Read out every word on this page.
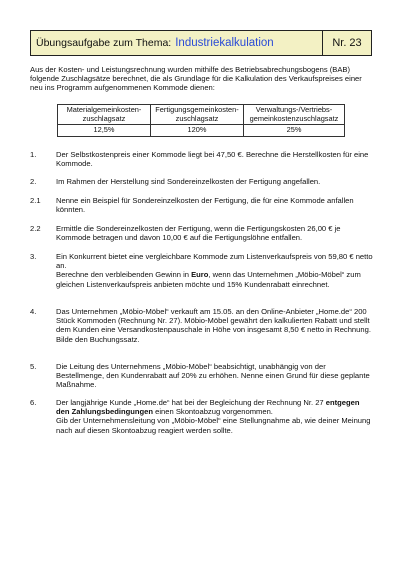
Übungsaufgabe zum Thema: Industriekalkulation	Nr. 23
Aus der Kosten- und Leistungsrechnung wurden mithilfe des Betriebsabrechungsbogens (BAB) folgende Zuschlagsätze berechnet, die als Grundlage für die Kalkulation des Verkaufspreises einer neu ins Programm aufgenommenen Kommode dienen:
Materialgemeinkosten-zuschlagsatz	Fertigungsgemeinkosten-zuschlagsatz	Verwaltungs-/Vertriebs-gemeinkostenzuschlagsatz
12,5%	120%	25%
1.	Der Selbstkostenpreis einer Kommode liegt bei 47,50 €. Berechne die Herstellkosten für eine Kommode.
2.	Im Rahmen der Herstellung sind Sondereinzelkosten der Fertigung angefallen.
2.1	Nenne ein Beispiel für Sondereinzelkosten der Fertigung, die für eine Kommode anfallen könnten.
2.2	Ermittle die Sondereinzelkosten der Fertigung, wenn die Fertigungskosten 26,00 € je Kommode betragen und davon 10,00 € auf die Fertigungslöhne entfallen.
3.	Ein Konkurrent bietet eine vergleichbare Kommode zum Listenverkaufspreis von 59,80 € netto an.
Berechne den verbleibenden Gewinn in Euro, wenn das Unternehmen „Möbio-Möbel“ zum gleichen Listenverkaufspreis anbieten möchte und 15% Kundenrabatt einrechnet.
4.	Das Unternehmen „Möbio-Möbel“ verkauft am 15.05. an den Online-Anbieter „Home.de“ 200 Stück Kommoden (Rechnung Nr. 27). Möbio-Möbel gewährt den kalkulierten Rabatt und stellt dem Kunden eine Versandkostenpauschale in Höhe von insgesamt 8,50 € netto in Rechnung. Bilde den Buchungssatz.
5.	Die Leitung des Unternehmens „Möbio-Möbel“ beabsichtigt, unabhängig von der Bestellmenge, den Kundenrabatt auf 20% zu erhöhen. Nenne einen Grund für diese geplante Maßnahme.
6.	Der langjährige Kunde „Home.de“ hat bei der Begleichung der Rechnung Nr. 27 entgegen den Zahlungsbedingungen einen Skontoabzug vorgenommen.
Gib der Unternehmensleitung von „Möbio-Möbel“ eine Stellungnahme ab, wie deiner Meinung nach auf diesen Skontoabzug reagiert werden sollte.
